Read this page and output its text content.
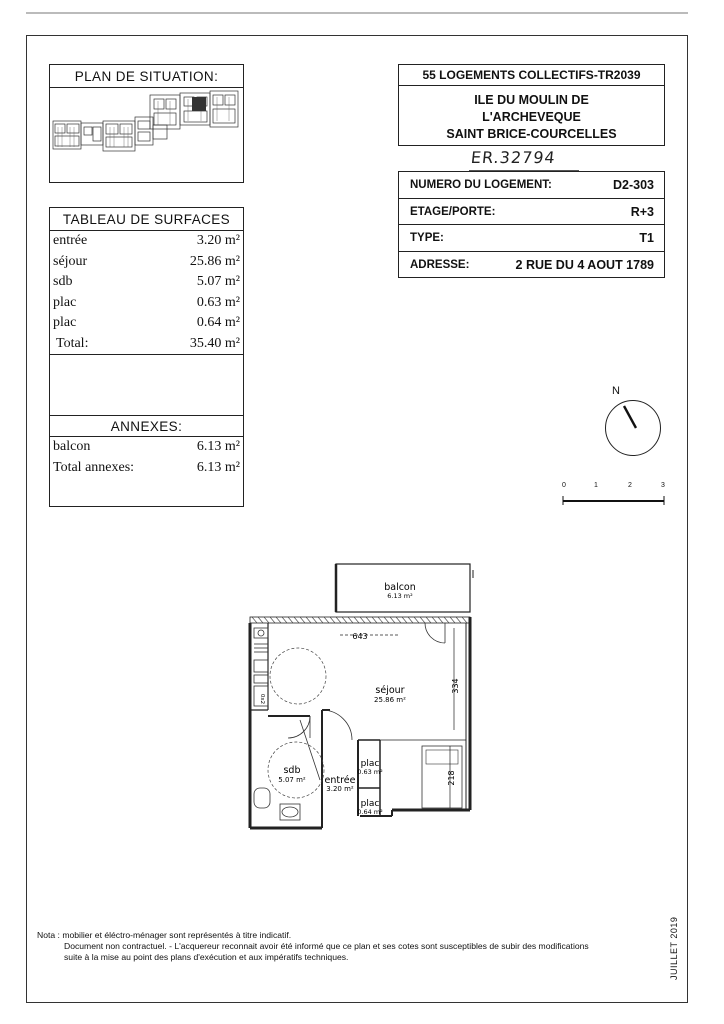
PLAN DE SITUATION:
TABLEAU DE SURFACES
entrée	3.20 m²
séjour	25.86 m²
sdb	5.07 m²
plac	0.63 m²
plac	0.64 m²
Total:	35.40 m²
ANNEXES:
balcon	6.13 m²
Total annexes:	6.13 m²
55 LOGEMENTS COLLECTIFS-TR2039
ILE DU MOULIN DE
L'ARCHEVEQUE
SAINT BRICE-COURCELLES
ER.32794
NUMERO DU LOGEMENT:	D2-303
ETAGE/PORTE:	R+3
TYPE:	T1
ADRESSE:	2 RUE DU 4 AOUT 1789
N
0	1	2	3
balcon
6.13 m²
0x2
643
334
218
séjour
25.86 m²
sdb
5.07 m² entrée
3.20 m²
plac
0.63 m²
plac
0.64 m²
Nota : mobilier et éléctro-ménager sont représentés à titre indicatif.
Document non contractuel. - L'acquereur reconnait avoir été informé que ce plan et ses cotes sont susceptibles de subir des modifications
suite à la mise au point des plans d'exécution et aux impératifs techniques.	JUILLET 2019
